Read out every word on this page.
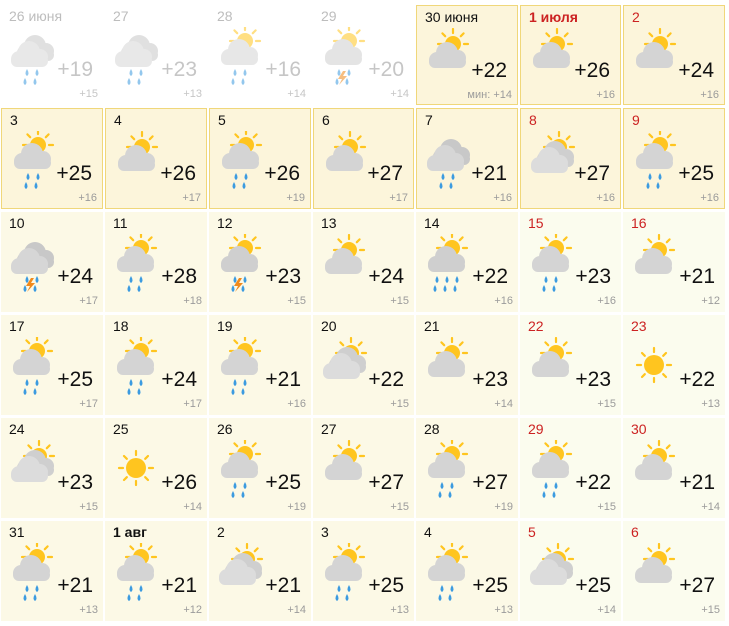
26 июня
+19
+15
27
+23
+13
28
+16
+14
29
+20
+14
30 июня
+22
мин: +14
1 июля
+26
+16
2
+24
+16
3
+25
+16
4
+26
+17
5
+26
+19
6
+27
+17
7
+21
+16
8
+27
+16
9
+25
+16
10
+24
+17
11
+28
+18
12
+23
+15
13
+24
+15
14
+22
+16
15
+23
+16
16
+21
+12
17
+25
+17
18
+24
+17
19
+21
+16
20
+22
+15
21
+23
+14
22
+23
+15
23
+22
+13
24
+23
+15
25
+26
+14
26
+25
+19
27
+27
+15
28
+27
+19
29
+22
+15
30
+21
+14
31
+21
+13
1 авг
+21
+12
2
+21
+14
3
+25
+13
4
+25
+13
5
+25
+14
6
+27
+15
